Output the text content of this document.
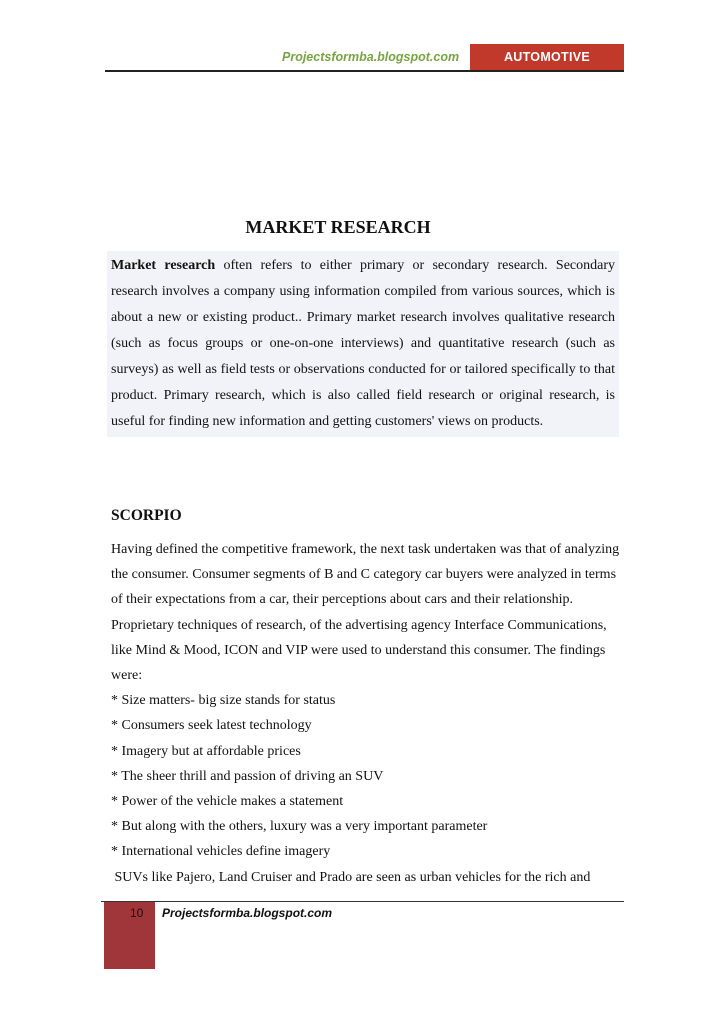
Projectsformba.blogspot.com	AUTOMOTIVE
MARKET RESEARCH

Market research often refers to either primary or secondary research. Secondary research involves a company using information compiled from various sources, which is about a new or existing product.. Primary market research involves qualitative research (such as focus groups or one-on-one interviews) and quantitative research (such as surveys) as well as field tests or observations conducted for or tailored specifically to that product. Primary research, which is also called field research or original research, is useful for finding new information and getting customers' views on products.

SCORPIO

Having defined the competitive framework, the next task undertaken was that of analyzing the consumer. Consumer segments of B and C category car buyers were analyzed in terms of their expectations from a car, their perceptions about cars and their relationship. Proprietary techniques of research, of the advertising agency Interface Communications, like Mind & Mood, ICON and VIP were used to understand this consumer. The findings were:

* Size matters- big size stands for status
* Consumers seek latest technology
* Imagery but at affordable prices
* The sheer thrill and passion of driving an SUV
* Power of the vehicle makes a statement
* But along with the others, luxury was a very important parameter
* International vehicles define imagery

SUVs like Pajero, Land Cruiser and Prado are seen as urban vehicles for the rich and

10 Projectsformba.blogspot.com
